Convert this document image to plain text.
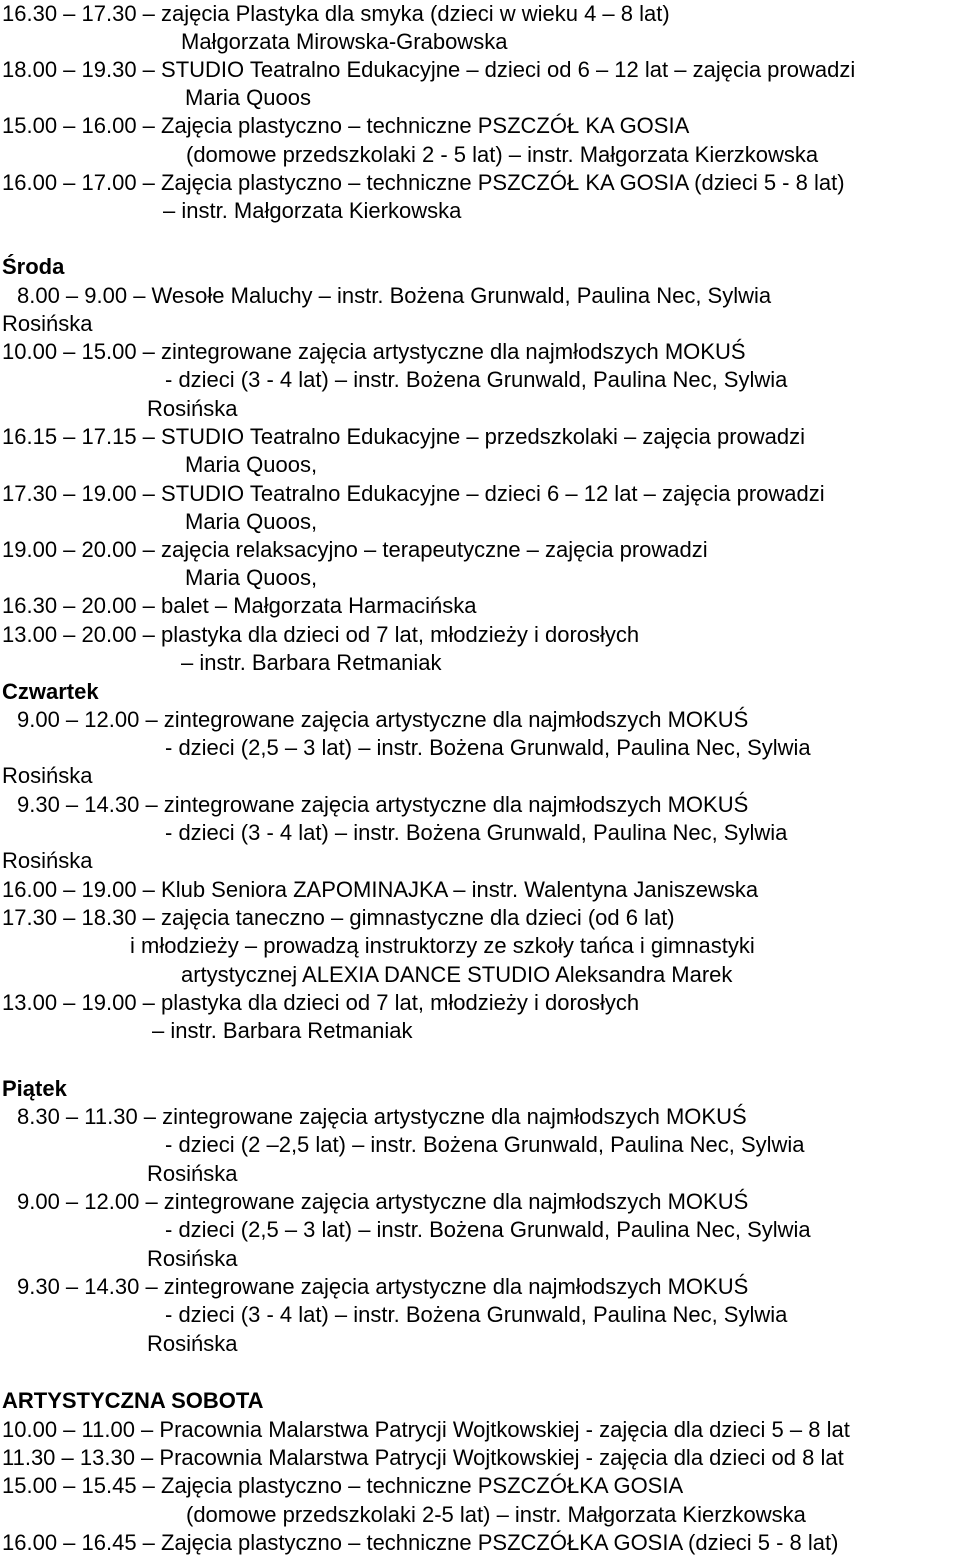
16.30 – 17.30 – zajęcia Plastyka dla smyka (dzieci w wieku 4 – 8 lat)
Małgorzata Mirowska-Grabowska
18.00 – 19.30 – STUDIO Teatralno Edukacyjne – dzieci od 6 – 12 lat – zajęcia prowadzi
Maria Quoos
15.00 – 16.00 – Zajęcia plastyczno – techniczne PSZCZÓŁ KA GOSIA
(domowe przedszkolaki 2 - 5 lat) – instr. Małgorzata Kierzkowska
16.00 – 17.00 – Zajęcia plastyczno – techniczne PSZCZÓŁ KA GOSIA (dzieci 5 - 8 lat)
– instr. Małgorzata Kierkowska
Środa
8.00 – 9.00 – Wesołe Maluchy – instr. Bożena Grunwald, Paulina Nec, Sylwia
Rosińska
10.00 – 15.00 – zintegrowane zajęcia artystyczne dla najmłodszych MOKUŚ
- dzieci (3 - 4 lat) – instr. Bożena Grunwald, Paulina Nec, Sylwia
Rosińska
16.15 – 17.15 – STUDIO Teatralno Edukacyjne – przedszkolaki – zajęcia prowadzi
Maria Quoos,
17.30 – 19.00 – STUDIO Teatralno Edukacyjne – dzieci 6 – 12 lat – zajęcia prowadzi
Maria Quoos,
19.00 – 20.00 – zajęcia relaksacyjno – terapeutyczne – zajęcia prowadzi
Maria Quoos,
16.30 – 20.00 – balet – Małgorzata Harmacińska
13.00 – 20.00 – plastyka dla dzieci od 7 lat, młodzieży i dorosłych
– instr. Barbara Retmaniak
Czwartek
9.00 – 12.00 – zintegrowane zajęcia artystyczne dla najmłodszych MOKUŚ
- dzieci (2,5 – 3 lat) – instr. Bożena Grunwald, Paulina Nec, Sylwia
Rosińska
9.30 – 14.30 – zintegrowane zajęcia artystyczne dla najmłodszych MOKUŚ
- dzieci (3 - 4 lat) – instr. Bożena Grunwald, Paulina Nec, Sylwia
Rosińska
16.00 – 19.00 – Klub Seniora ZAPOMINAJKA – instr. Walentyna Janiszewska
17.30 – 18.30 – zajęcia taneczno – gimnastyczne dla dzieci (od 6 lat)
i młodzieży – prowadzą instruktorzy ze szkoły tańca i gimnastyki
artystycznej ALEXIA DANCE STUDIO Aleksandra Marek
13.00 – 19.00 – plastyka dla dzieci od 7 lat, młodzieży i dorosłych
– instr. Barbara Retmaniak
Piątek
8.30 – 11.30 – zintegrowane zajęcia artystyczne dla najmłodszych MOKUŚ
- dzieci (2 –2,5 lat) – instr. Bożena Grunwald, Paulina Nec, Sylwia
Rosińska
9.00 – 12.00 – zintegrowane zajęcia artystyczne dla najmłodszych MOKUŚ
- dzieci (2,5 – 3 lat) – instr. Bożena Grunwald, Paulina Nec, Sylwia
Rosińska
9.30 – 14.30 – zintegrowane zajęcia artystyczne dla najmłodszych MOKUŚ
- dzieci (3 - 4 lat) – instr. Bożena Grunwald, Paulina Nec, Sylwia
Rosińska
ARTYSTYCZNA SOBOTA
10.00 – 11.00 – Pracownia Malarstwa Patrycji Wojtkowskiej - zajęcia dla dzieci 5 – 8 lat
11.30 – 13.30 – Pracownia Malarstwa Patrycji Wojtkowskiej - zajęcia dla dzieci od 8 lat
15.00 – 15.45 – Zajęcia plastyczno – techniczne PSZCZÓŁKA GOSIA
(domowe przedszkolaki 2-5 lat) – instr. Małgorzata Kierzkowska
16.00 – 16.45 – Zajęcia plastyczno – techniczne PSZCZÓŁKA GOSIA (dzieci 5 - 8 lat)
